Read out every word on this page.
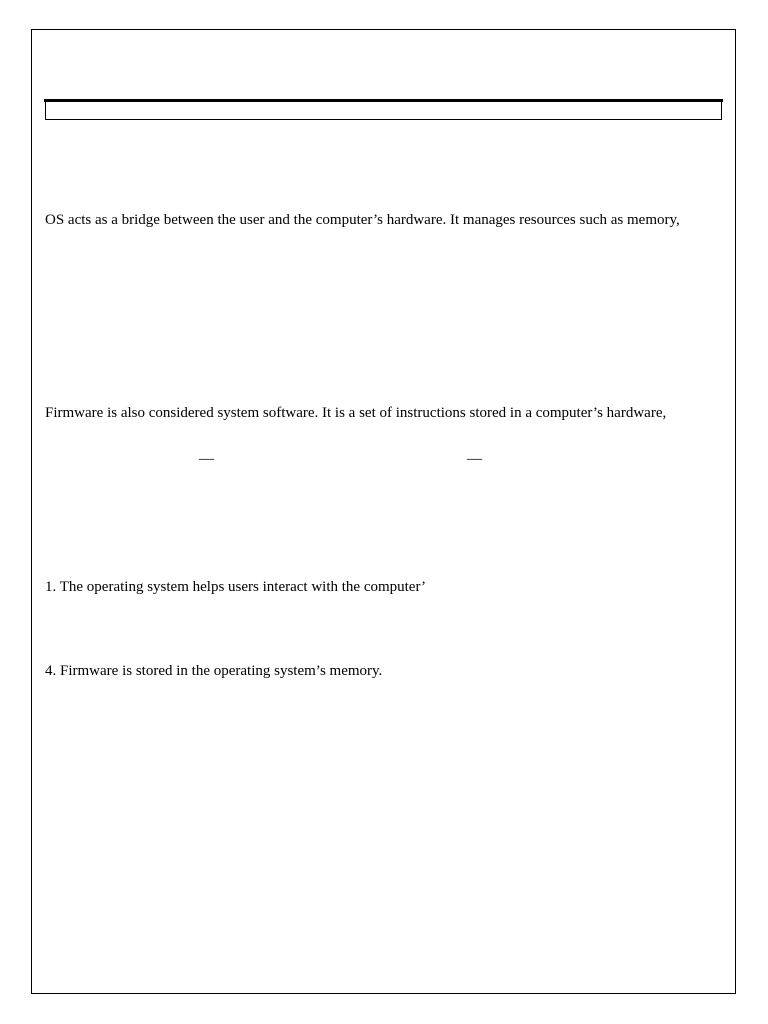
OS acts as a bridge between the user and the computer’s hardware. It manages resources such as memory,

Firmware is also considered system software. It is a set of instructions stored in a computer’s hardware,

—	—

1. The operating system helps users interact with the computer’

4. Firmware is stored in the operating system’s memory.
